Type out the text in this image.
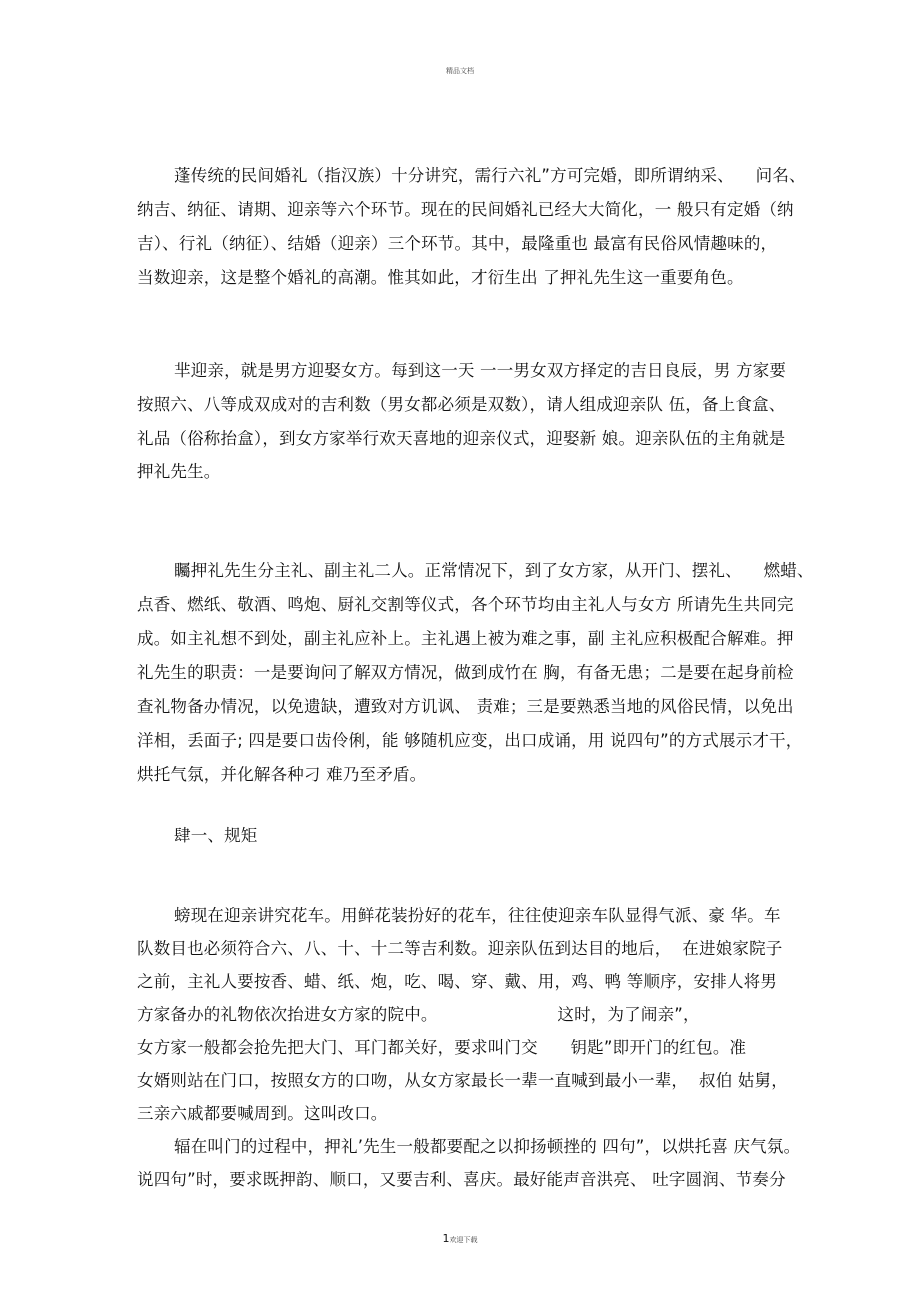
精品文档
蓬传统的民间婚礼（指汉族）十分讲究，需行六礼”方可完婚，即所谓纳采、    问名、
纳吉、纳征、请期、迎亲等六个环节。现在的民间婚礼已经大大简化，一 般只有定婚（纳
吉）、行礼（纳征）、结婚（迎亲）三个环节。其中，最隆重也 最富有民俗风情趣味的，
当数迎亲，这是整个婚礼的高潮。惟其如此，才衍生出 了押礼先生这一重要角色。
芈迎亲，就是男方迎娶女方。每到这一天 一一男女双方择定的吉日良辰，男 方家要
按照六、八等成双成对的吉利数（男女都必须是双数），请人组成迎亲队 伍，备上食盒、
礼品（俗称抬盒），到女方家举行欢天喜地的迎亲仪式，迎娶新 娘。迎亲队伍的主角就是
押礼先生。
矚押礼先生分主礼、副主礼二人。正常情况下，到了女方家，从开门、摆礼、    燃蜡、
点香、燃纸、敬酒、鸣炮、厨礼交割等仪式，各个环节均由主礼人与女方 所请先生共同完
成。如主礼想不到处，副主礼应补上。主礼遇上被为难之事，副 主礼应积极配合解难。押
礼先生的职责：一是要询问了解双方情况，做到成竹在 胸，有备无患；二是要在起身前检
查礼物备办情况，以免遗缺，遭致对方讥讽、 责难；三是要熟悉当地的风俗民情，以免出
洋相，丢面子; 四是要口齿伶俐，能 够随机应变，出口成诵，用 说四句”的方式展示才干，
烘托气氛，并化解各种刁 难乃至矛盾。
肆一、规矩
螃现在迎亲讲究花车。用鲜花装扮好的花车，往往使迎亲车队显得气派、豪 华。车
队数目也必须符合六、八、十、十二等吉利数。迎亲队伍到达目的地后，  在进娘家院子
之前，主礼人要按香、蜡、纸、炮，吃、喝、穿、戴、用，鸡、鸭 等顺序，安排人将男
方家备办的礼物依次抬进女方家的院中。                      这时，为了闹亲”，
女方家一般都会抢先把大门、耳门都关好，要求叫门交      钥匙”即开门的红包。准
女婿则站在门口，按照女方的口吻，从女方家最长一辈一直喊到最小一辈，  叔伯 姑舅，
三亲六戚都要喊周到。这叫改口。
辐在叫门的过程中，押礼’先生一般都要配之以抑扬顿挫的 四句”，以烘托喜 庆气氛。
说四句”时，要求既押韵、顺口，又要吉利、喜庆。最好能声音洪亮、 吐字圆润、节奏分
1欢迎下载
